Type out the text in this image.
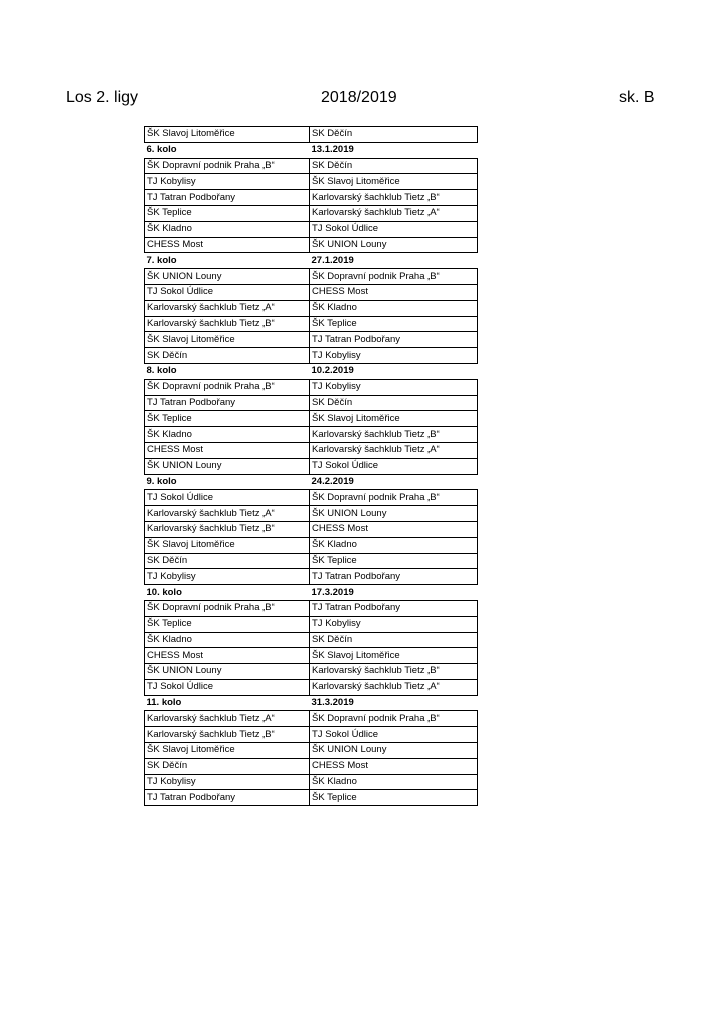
Los 2. ligy	2018/2019	sk. B
ŠK Slavoj Litoměřice	SK Děčín
6. kolo	13.1.2019
ŠK Dopravní podnik Praha „B“	SK Děčín
TJ Kobylisy	ŠK Slavoj Litoměřice
TJ Tatran Podbořany	Karlovarský šachklub Tietz „B“
ŠK Teplice	Karlovarský šachklub Tietz „A“
ŠK Kladno	TJ Sokol Údlice
CHESS Most	ŠK UNION Louny
7. kolo	27.1.2019
ŠK UNION Louny	ŠK Dopravní podnik Praha „B“
TJ Sokol Údlice	CHESS Most
Karlovarský šachklub Tietz „A“	ŠK Kladno
Karlovarský šachklub Tietz „B“	ŠK Teplice
ŠK Slavoj Litoměřice	TJ Tatran Podbořany
SK Děčín	TJ Kobylisy
8. kolo	10.2.2019
ŠK Dopravní podnik Praha „B“	TJ Kobylisy
TJ Tatran Podbořany	SK Děčín
ŠK Teplice	ŠK Slavoj Litoměřice
ŠK Kladno	Karlovarský šachklub Tietz „B“
CHESS Most	Karlovarský šachklub Tietz „A“
ŠK UNION Louny	TJ Sokol Údlice
9. kolo	24.2.2019
TJ Sokol Údlice	ŠK Dopravní podnik Praha „B“
Karlovarský šachklub Tietz „A“	ŠK UNION Louny
Karlovarský šachklub Tietz „B“	CHESS Most
ŠK Slavoj Litoměřice	ŠK Kladno
SK Děčín	ŠK Teplice
TJ Kobylisy	TJ Tatran Podbořany
10. kolo	17.3.2019
ŠK Dopravní podnik Praha „B“	TJ Tatran Podbořany
ŠK Teplice	TJ Kobylisy
ŠK Kladno	SK Děčín
CHESS Most	ŠK Slavoj Litoměřice
ŠK UNION Louny	Karlovarský šachklub Tietz „B“
TJ Sokol Údlice	Karlovarský šachklub Tietz „A“
11. kolo	31.3.2019
Karlovarský šachklub Tietz „A“	ŠK Dopravní podnik Praha „B“
Karlovarský šachklub Tietz „B“	TJ Sokol Údlice
ŠK Slavoj Litoměřice	ŠK UNION Louny
SK Děčín	CHESS Most
TJ Kobylisy	ŠK Kladno
TJ Tatran Podbořany	ŠK Teplice
